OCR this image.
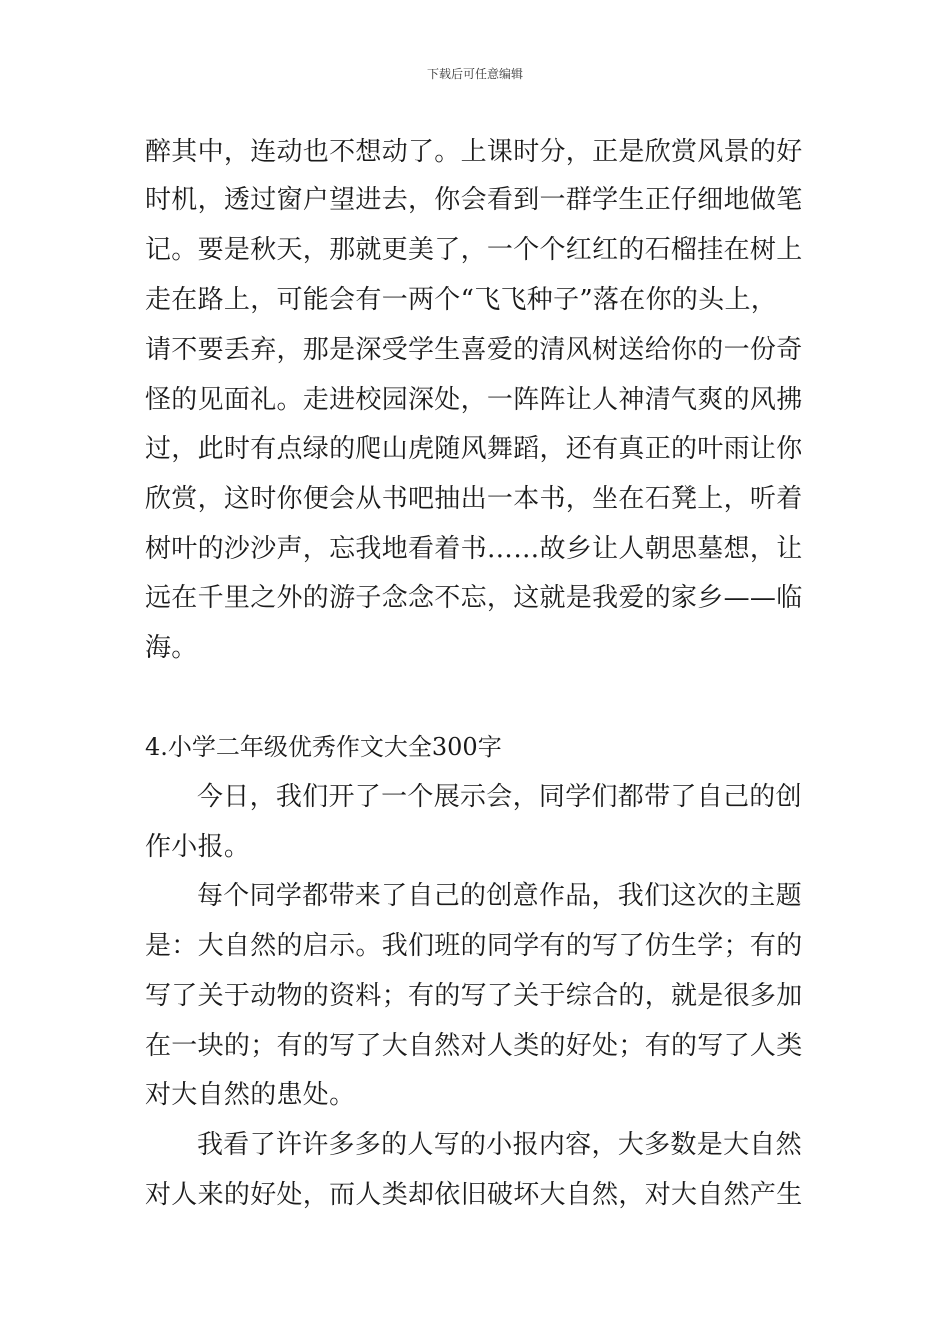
下载后可任意编辑
醉其中，连动也不想动了。上课时分，正是欣赏风景的好
时机，透过窗户望进去，你会看到一群学生正仔细地做笔
记。要是秋天，那就更美了，一个个红红的石榴挂在树上
走在路上，可能会有一两个“飞飞种子”落在你的头上，
请不要丢弃，那是深受学生喜爱的清风树送给你的一份奇
怪的见面礼。走进校园深处，一阵阵让人神清气爽的风拂
过，此时有点绿的爬山虎随风舞蹈，还有真正的叶雨让你
欣赏，这时你便会从书吧抽出一本书，坐在石凳上，听着
树叶的沙沙声，忘我地看着书……故乡让人朝思墓想，让
远在千里之外的游子念念不忘，这就是我爱的家乡——临
海。
4.小学二年级优秀作文大全300字
今日，我们开了一个展示会，同学们都带了自己的创
作小报。
每个同学都带来了自己的创意作品，我们这次的主题
是：大自然的启示。我们班的同学有的写了仿生学；有的
写了关于动物的资料；有的写了关于综合的，就是很多加
在一块的；有的写了大自然对人类的好处；有的写了人类
对大自然的患处。
我看了许许多多的人写的小报内容，大多数是大自然
对人来的好处，而人类却依旧破坏大自然，对大自然产生
